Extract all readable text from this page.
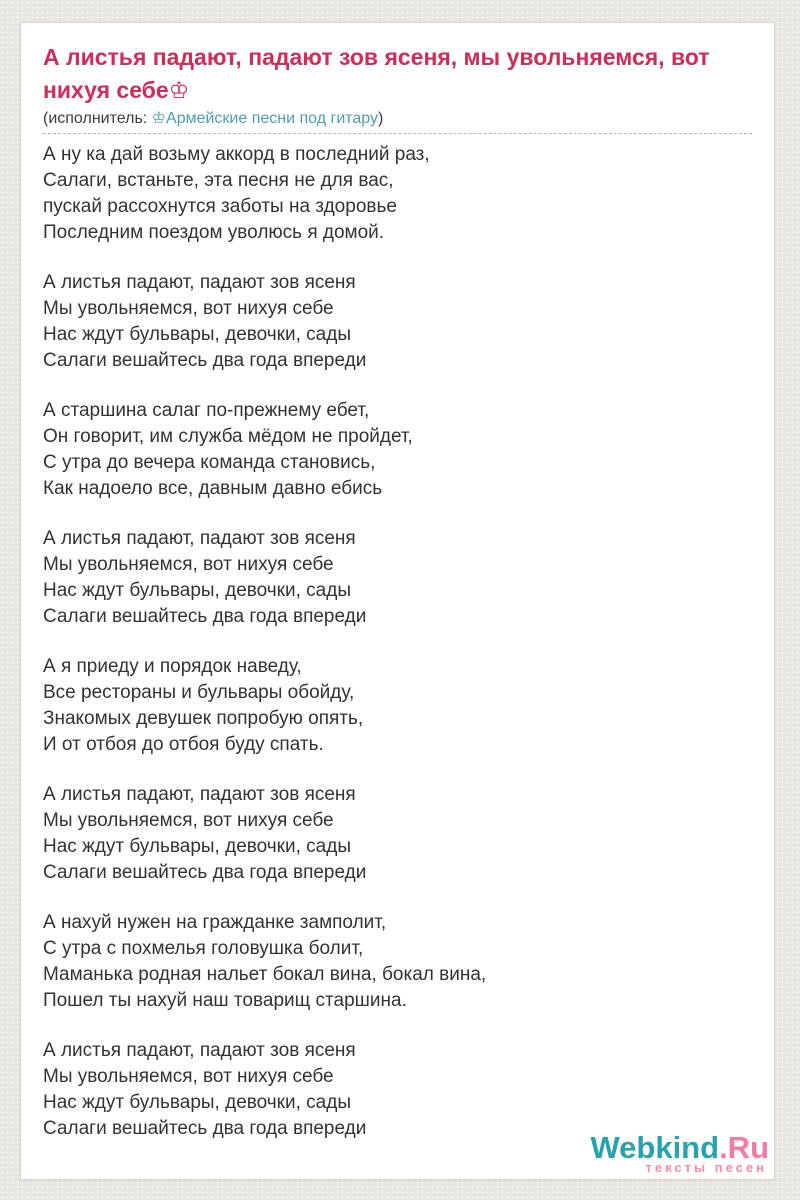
А листья падают, падают зов ясеня, мы увольняемся, вот нихуя себе♔
(исполнитель: ♔Армейские песни под гитару)

А ну ка дай возьму аккорд в последний раз,
Салаги, встаньте, эта песня не для вас,
пускай рассохнутся заботы на здоровье
Последним поездом уволюсь я домой.

А листья падают, падают зов ясеня
Мы увольняемся, вот нихуя себе
Нас ждут бульвары, девочки, сады
Салаги вешайтесь два года впереди

А старшина салаг по-прежнему ебет,
Он говорит, им служба мёдом не пройдет,
С утра до вечера команда становись,
Как надоело все, давным давно ебись

А листья падают, падают зов ясеня
Мы увольняемся, вот нихуя себе
Нас ждут бульвары, девочки, сады
Салаги вешайтесь два года впереди

А я приеду и порядок наведу,
Все рестораны и бульвары обойду,
Знакомых девушек попробую опять,
И от отбоя до отбоя буду спать.

А листья падают, падают зов ясеня
Мы увольняемся, вот нихуя себе
Нас ждут бульвары, девочки, сады
Салаги вешайтесь два года впереди

А нахуй нужен на гражданке замполит,
С утра с похмелья головушка болит,
Маманька родная нальет бокал вина, бокал вина,
Пошел ты нахуй наш товарищ старшина.

А листья падают, падают зов ясеня
Мы увольняемся, вот нихуя себе
Нас ждут бульвары, девочки, сады
Салаги вешайтесь два года впереди

Webkind.Ru
тексты песен
